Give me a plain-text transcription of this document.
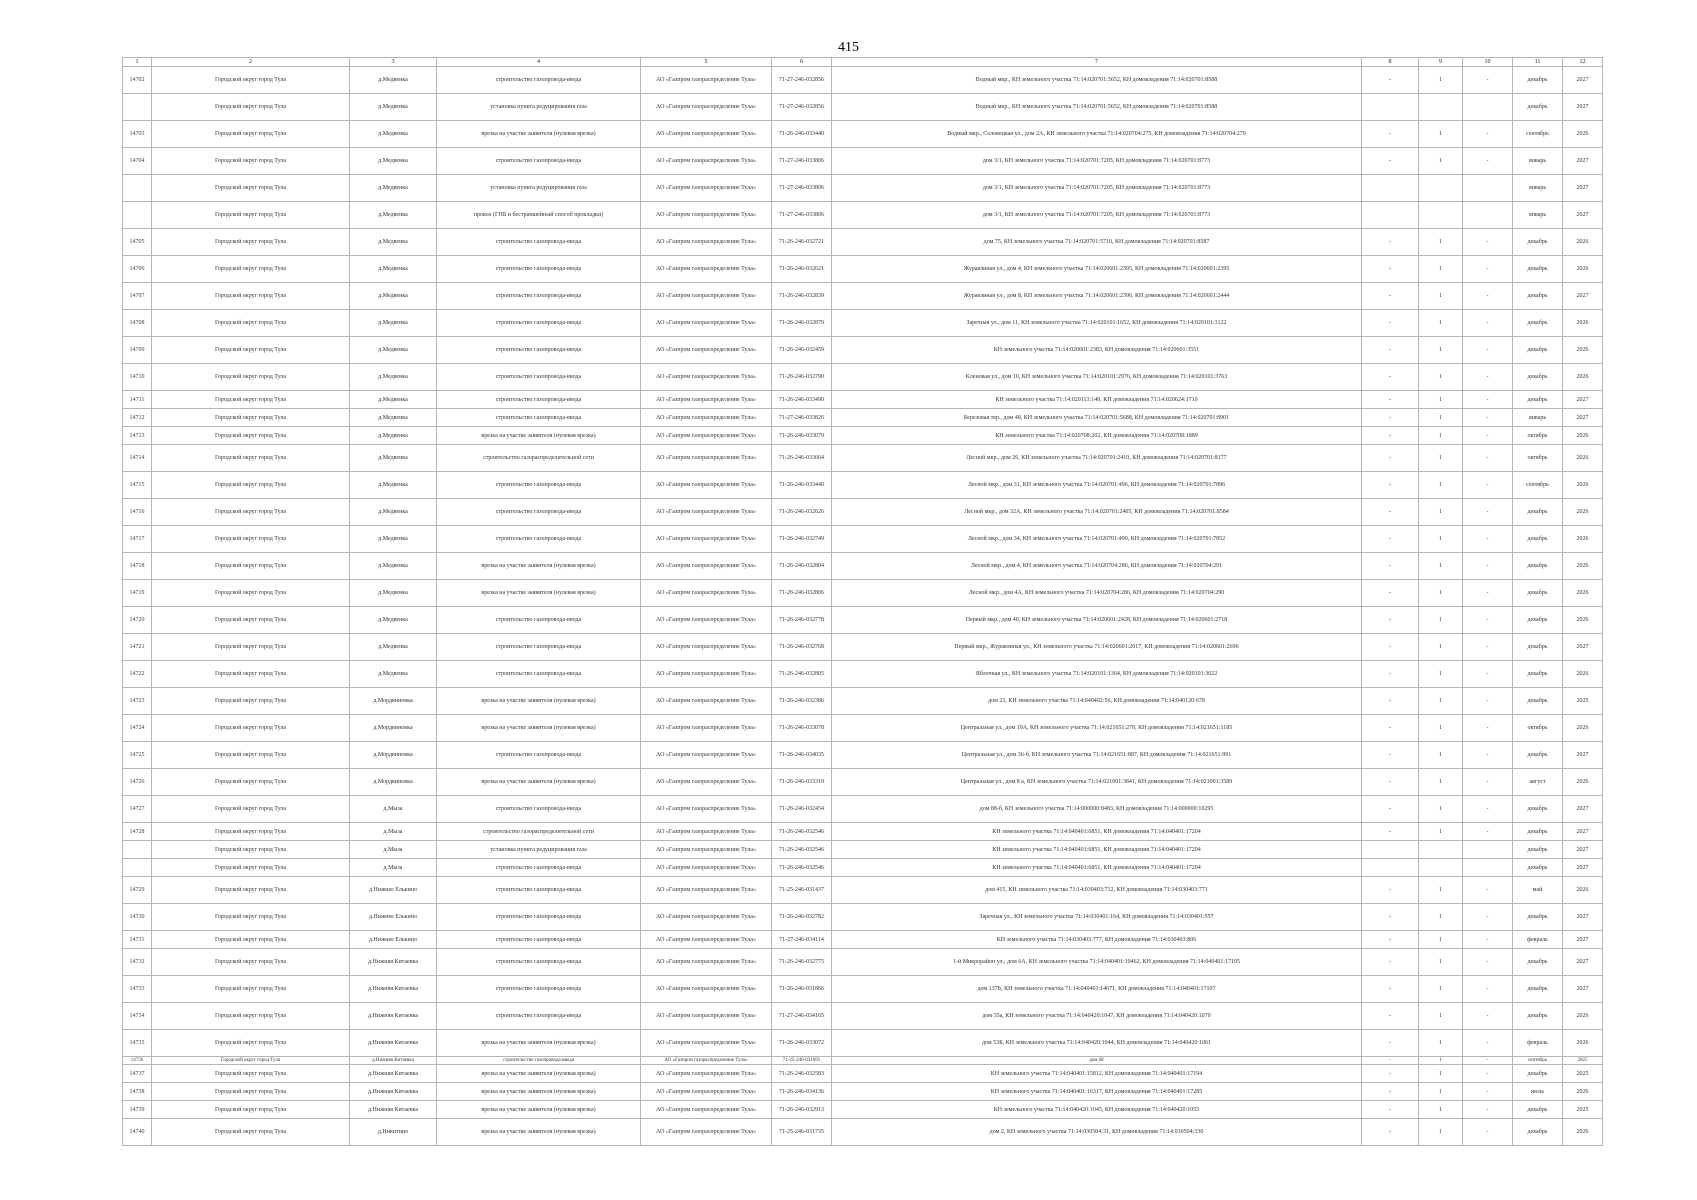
415
1	2	3	4	5	6	7	8	9	10	11	12
14702	Городской округ город Тула	д.Медвенка	строительство газопровода-ввода	АО «Газпром газораспределение Тула»	71-27-246-032856	Водный мкр., КН земельного участка 71:14:020701:5652, КН домовладения 71:14:020701:8588	-	1	-	декабрь	2027
	Городской округ город Тула	д.Медвенка	установка пункта редуцирования газа	АО «Газпром газораспределение Тула»	71-27-246-032856	Водный мкр., КН земельного участка 71:14:020701:5652, КН домовладения 71:14:020701:8588				декабрь	2027
14703	Городской округ город Тула	д.Медвенка	врезка на участке заявителя (нулевая врезка)	АО «Газпром газораспределение Тула»	71-26-246-033440	Водный мкр., Соловецкая ул., дом 2А, КН земельного участка 71:14:020704:275, КН домовладения 71:14:020704:279	-	1	-	сентябрь	2026
14704	Городской округ город Тула	д.Медвенка	строительство газопровода-ввода	АО «Газпром газораспределение Тула»	71-27-246-033806	дом 3/1, КН земельного участка 71:14:020701:7205, КН домовладения 71:14:020701:8773	-	1	-	январь	2027
	Городской округ город Тула	д.Медвенка	установка пункта редуцирования газа	АО «Газпром газораспределение Тула»	71-27-246-033806	дом 3/1, КН земельного участка 71:14:020701:7205, КН домовладения 71:14:020701:8773				январь	2027
	Городской округ город Тула	д.Медвенка	прокол (ГНБ и бестраншейный способ прокладки)	АО «Газпром газораспределение Тула»	71-27-246-033806	дом 3/1, КН земельного участка 71:14:020701:7205, КН домовладения 71:14:020701:8773				январь	2027
14705	Городской округ город Тула	д.Медвенка	строительство газопровода-ввода	АО «Газпром газораспределение Тула»	71-26-246-032721	дом 75, КН земельного участка 71:14:020701:5710, КН домовладения 71:14:020701:8587	-	1	-	декабрь	2026
14706	Городской округ город Тула	д.Медвенка	строительство газопровода-ввода	АО «Газпром газораспределение Тула»	71-26-246-032621	Журавлиная ул., дом 4, КН земельного участка 71:14:020601:2395, КН домовладения 71:14:020601:2395	-	1	-	декабрь	2026
14707	Городской округ город Тула	д.Медвенка	строительство газопровода-ввода	АО «Газпром газораспределение Тула»	71-26-246-032839	Журавлиная ул., дом 8, КН земельного участка 71:14:020601:2396, КН домовладения 71:14:020601:2444	-	1	-	декабрь	2027
14708	Городской округ город Тула	д.Медвенка	строительство газопровода-ввода	АО «Газпром газораспределение Тула»	71-26-246-032879	Заречная ул., дом 11, КН земельного участка 71:14:020101:1652, КН домовладения 71:14:020101:3122	-	1	-	декабрь	2026
14709	Городской округ город Тула	д.Медвенка	строительство газопровода-ввода	АО «Газпром газораспределение Тула»	71-26-246-032459	КН земельного участка 71:14:020601:2383, КН домовладения 71:14:020601:3551	-	1	-	декабрь	2026
14710	Городской округ город Тула	д.Медвенка	строительство газопровода-ввода	АО «Газпром газораспределение Тула»	71-26-246-032790	Кленовая ул., дом 10, КН земельного участка 71:14:020101:2976, КН домовладения 71:14:020101:3763	-	1	-	декабрь	2026
14711	Городской округ город Тула	д.Медвенка	строительство газопровода-ввода	АО «Газпром газораспределение Тула»	71-26-246-033490	КН земельного участка 71:14:020113:140, КН домовладения 71:14:020624:1710	-	1	-	декабрь	2027
14712	Городской округ город Тула	д.Медвенка	строительство газопровода-ввода	АО «Газпром газораспределение Тула»	71-27-246-033826	Березовая тер., дом 48, КН земельного участка 71:14:020701:5688, КН домовладения 71:14:020701:8901	-	1	-	январь	2027
14713	Городской округ город Тула	д.Медвенка	врезка на участке заявителя (нулевая врезка)	АО «Газпром газораспределение Тула»	71-26-246-033079	КН земельного участка 71:14:020708:202, КН домовладения 71:14:020708:1889	-	1	-	октябрь	2026
14714	Городской округ город Тула	д.Медвенка	строительство газораспределительной сети	АО «Газпром газораспределение Тула»	71-26-246-033664	Лесной мкр., дом 26, КН земельного участка 71:14:020701:2410, КН домовладения 71:14:020701:8177	-	1	-	октябрь	2026
14715	Городской округ город Тула	д.Медвенка	строительство газопровода-ввода	АО «Газпром газораспределение Тула»	71-26-246-033440	Лесной мкр., дом 31, КН земельного участка 71:14:020701:496, КН домовладения 71:14:020701:7896	-	1	-	сентябрь	2026
14716	Городской округ город Тула	д.Медвенка	строительство газопровода-ввода	АО «Газпром газораспределение Тула»	71-26-246-032626	Лесной мкр., дом 32А, КН земельного участка 71:14:020701:2405, КН домовладения 71:14:020701:8584	-	1	-	декабрь	2026
14717	Городской округ город Тула	д.Медвенка	строительство газопровода-ввода	АО «Газпром газораспределение Тула»	71-26-246-032749	Лесной мкр., дом 34, КН земельного участка 71:14:020701:490, КН домовладения 71:14:020701:7852	-	1	-	декабрь	2026
14718	Городской округ город Тула	д.Медвенка	врезка на участке заявителя (нулевая врезка)	АО «Газпром газораспределение Тула»	71-26-246-032804	Лесной мкр., дом 4, КН земельного участка 71:14:020704:286, КН домовладения 71:14:020704:291	-	1	-	декабрь	2026
14719	Городской округ город Тула	д.Медвенка	врезка на участке заявителя (нулевая врезка)	АО «Газпром газораспределение Тула»	71-26-246-032806	Лесной мкр., дом 4А, КН земельного участка 71:14:020704:286, КН домовладения 71:14:020704:290	-	1	-	декабрь	2026
14720	Городской округ город Тула	д.Медвенка	строительство газопровода-ввода	АО «Газпром газораспределение Тула»	71-26-246-032778	Первый мкр., дом 40, КН земельного участка 71:14:020601:2428, КН домовладения 71:14:020601:2718	-	1	-	декабрь	2026
14721	Городской округ город Тула	д.Медвенка	строительство газопровода-ввода	АО «Газпром газораспределение Тула»	71-26-246-032768	Первый мкр., Журавлиная ул., КН земельного участка 71:14:020601:2017, КН домовладения 71:14:020601:2696	-	1	-	декабрь	2027
14722	Городской округ город Тула	д.Медвенка	строительство газопровода-ввода	АО «Газпром газораспределение Тула»	71-26-246-032805	Яблочная ул., КН земельного участка 71:14:020101:1364, КН домовладения 71:14:020101:3022	-	1	-	декабрь	2026
14723	Городской округ город Тула	д.Мордвиновка	врезка на участке заявителя (нулевая врезка)	АО «Газпром газораспределение Тула»	71-26-246-032386	дом 23, КН земельного участка 71:14:040402:56, КН домовладения 71:14:040120:678	-	1	-	декабрь	2025
14724	Городской округ город Тула	д.Мордвиновка	врезка на участке заявителя (нулевая врезка)	АО «Газпром газораспределение Тула»	71-26-246-033078	Центральная ул., дом 19А, КН земельного участка 71:14:021651:278, КН домовладения 71:14:021651:1185	-	1	-	октябрь	2026
14725	Городской округ город Тула	д.Мордвиновка	строительство газопровода-ввода	АО «Газпром газораспределение Тула»	71-26-246-034035	Центральная ул., дом 36-б, КН земельного участка 71:14:021651:887, КН домовладения 71:14:021651:991	-	1	-	декабрь	2027
14726	Городской округ город Тула	д.Мордвиновка	врезка на участке заявителя (нулевая врезка)	АО «Газпром газораспределение Тула»	71-26-246-033319	Центральная ул., дом 8 а, КН земельного участка 71:14:021001:3841, КН домовладения 71:14:021001:3589	-	1	-	август	2026
14727	Городской округ город Тула	д.Мыза	строительство газопровода-ввода	АО «Газпром газораспределение Тула»	71-26-246-032454	дом 88-б, КН земельного участка 71:14:000000:8483, КН домовладения 71:14:000000:10295	-	1	-	декабрь	2027
14728	Городской округ город Тула	д.Мыза	строительство газораспределительной сети	АО «Газпром газораспределение Тула»	71-26-246-032546	КН земельного участка 71:14:040401:6851, КН домовладения 71:14:040401:17204	-	1	-	декабрь	2027
	Городской округ город Тула	д.Мыза	установка пункта редуцирования газа	АО «Газпром газораспределение Тула»	71-26-246-032546	КН земельного участка 71:14:040401:6851, КН домовладения 71:14:040401:17204				декабрь	2027
	Городской округ город Тула	д.Мыза	строительство газопровода-ввода	АО «Газпром газораспределение Тула»	71-26-246-032546	КН земельного участка 71:14:040401:6851, КН домовладения 71:14:040401:17204				декабрь	2027
14729	Городской округ город Тула	д.Нижнее Елькино	строительство газопровода-ввода	АО «Газпром газораспределение Тула»	71-25-246-031437	дом 415, КН земельного участка 71:14:030403:712, КН домовладения 71:14:030403:771	-	1	-	май	2026
14730	Городской округ город Тула	д.Нижнее Елькино	строительство газопровода-ввода	АО «Газпром газораспределение Тула»	71-26-246-032782	Заречная ул., КН земельного участка 71:14:030401:164, КН домовладения 71:14:030401:557	-	1	-	декабрь	2027
14731	Городской округ город Тула	д.Нижнее Елькино	строительство газопровода-ввода	АО «Газпром газораспределение Тула»	71-27-246-034114	КН земельного участка 71:14:030403:777, КН домовладения 71:14:030403:806	-	1	-	февраль	2027
14732	Городской округ город Тула	д.Нижняя Китаевка	строительство газопровода-ввода	АО «Газпром газораспределение Тула»	71-26-246-032775	1-й Микрорайон ул., дом 6А, КН земельного участка 71:14:040401:10462, КН домовладения 71:14:040401:17105	-	1	-	декабрь	2027
14733	Городской округ город Тула	д.Нижняя Китаевка	строительство газопровода-ввода	АО «Газпром газораспределение Тула»	71-26-246-031866	дом 137Б, КН земельного участка 71:14:040401:14671, КН домовладения 71:14:040401:17107	-	1	-	декабрь	2027
14734	Городской округ город Тула	д.Нижняя Китаевка	строительство газопровода-ввода	АО «Газпром газораспределение Тула»	71-27-246-034165	дом 35а, КН земельного участка 71:14:040420:1047, КН домовладения 71:14:040420:1070	-	1	-	декабрь	2026
14735	Городской округ город Тула	д.Нижняя Китаевка	врезка на участке заявителя (нулевая врезка)	АО «Газпром газораспределение Тула»	71-26-246-033072	дом 53Б, КН земельного участка 71:14:040420:1044, КН домовладения 71:14:040420:1061	-	1	-	февраль	2026
14736	Городской округ город Тула	д.Нижняя Китаевка	строительство газопровода-ввода	АО «Газпром газораспределение Тула»	71-25-246-031691	дом 68	-	1	-	сентябрь	2025
14737	Городской округ город Тула	д.Нижняя Китаевка	врезка на участке заявителя (нулевая врезка)	АО «Газпром газораспределение Тула»	71-26-246-032583	КН земельного участка 71:14:040401:15812, КН домовладения 71:14:040401:17194	-	1	-	декабрь	2025
14738	Городской округ город Тула	д.Нижняя Китаевка	врезка на участке заявителя (нулевая врезка)	АО «Газпром газораспределение Тула»	71-26-246-034136	КН земельного участка 71:14:040401:16317, КН домовладения 71:14:040401:17285	-	1	-	июль	2026
14739	Городской округ город Тула	д.Нижняя Китаевка	врезка на участке заявителя (нулевая врезка)	АО «Газпром газораспределение Тула»	71-26-246-032913	КН земельного участка 71:14:040420:1045, КН домовладения 71:14:040420:1055	-	1	-	декабрь	2025
14740	Городской округ город Тула	д.Никитино	врезка на участке заявителя (нулевая врезка)	АО «Газпром газораспределение Тула»	71-25-246-031735	дом 2, КН земельного участка 71:14:030504:31, КН домовладения 71:14:030504:330	-	1	-	декабрь	2026
